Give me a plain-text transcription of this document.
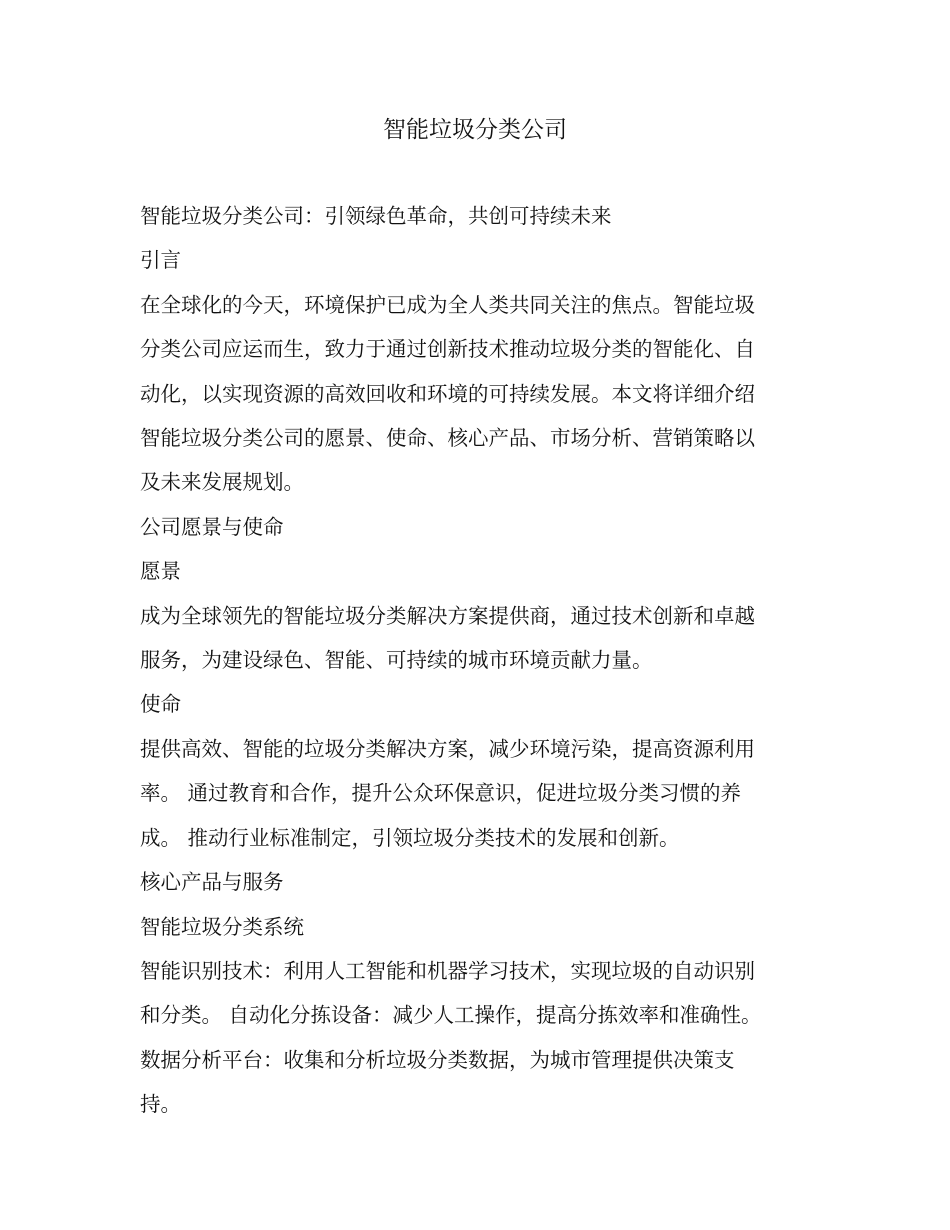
智能垃圾分类公司

智能垃圾分类公司：引领绿色革命，共创可持续未来

引言

在全球化的今天，环境保护已成为全人类共同关注的焦点。智能垃圾
分类公司应运而生，致力于通过创新技术推动垃圾分类的智能化、自
动化，以实现资源的高效回收和环境的可持续发展。本文将详细介绍
智能垃圾分类公司的愿景、使命、核心产品、市场分析、营销策略以
及未来发展规划。

公司愿景与使命

愿景

成为全球领先的智能垃圾分类解决方案提供商，通过技术创新和卓越
服务，为建设绿色、智能、可持续的城市环境贡献力量。

使命

提供高效、智能的垃圾分类解决方案，减少环境污染，提高资源利用
率。 通过教育和合作，提升公众环保意识，促进垃圾分类习惯的养
成。 推动行业标准制定，引领垃圾分类技术的发展和创新。

核心产品与服务

智能垃圾分类系统

智能识别技术：利用人工智能和机器学习技术，实现垃圾的自动识别
和分类。 自动化分拣设备：减少人工操作，提高分拣效率和准确性。
数据分析平台：收集和分析垃圾分类数据，为城市管理提供决策支
持。
